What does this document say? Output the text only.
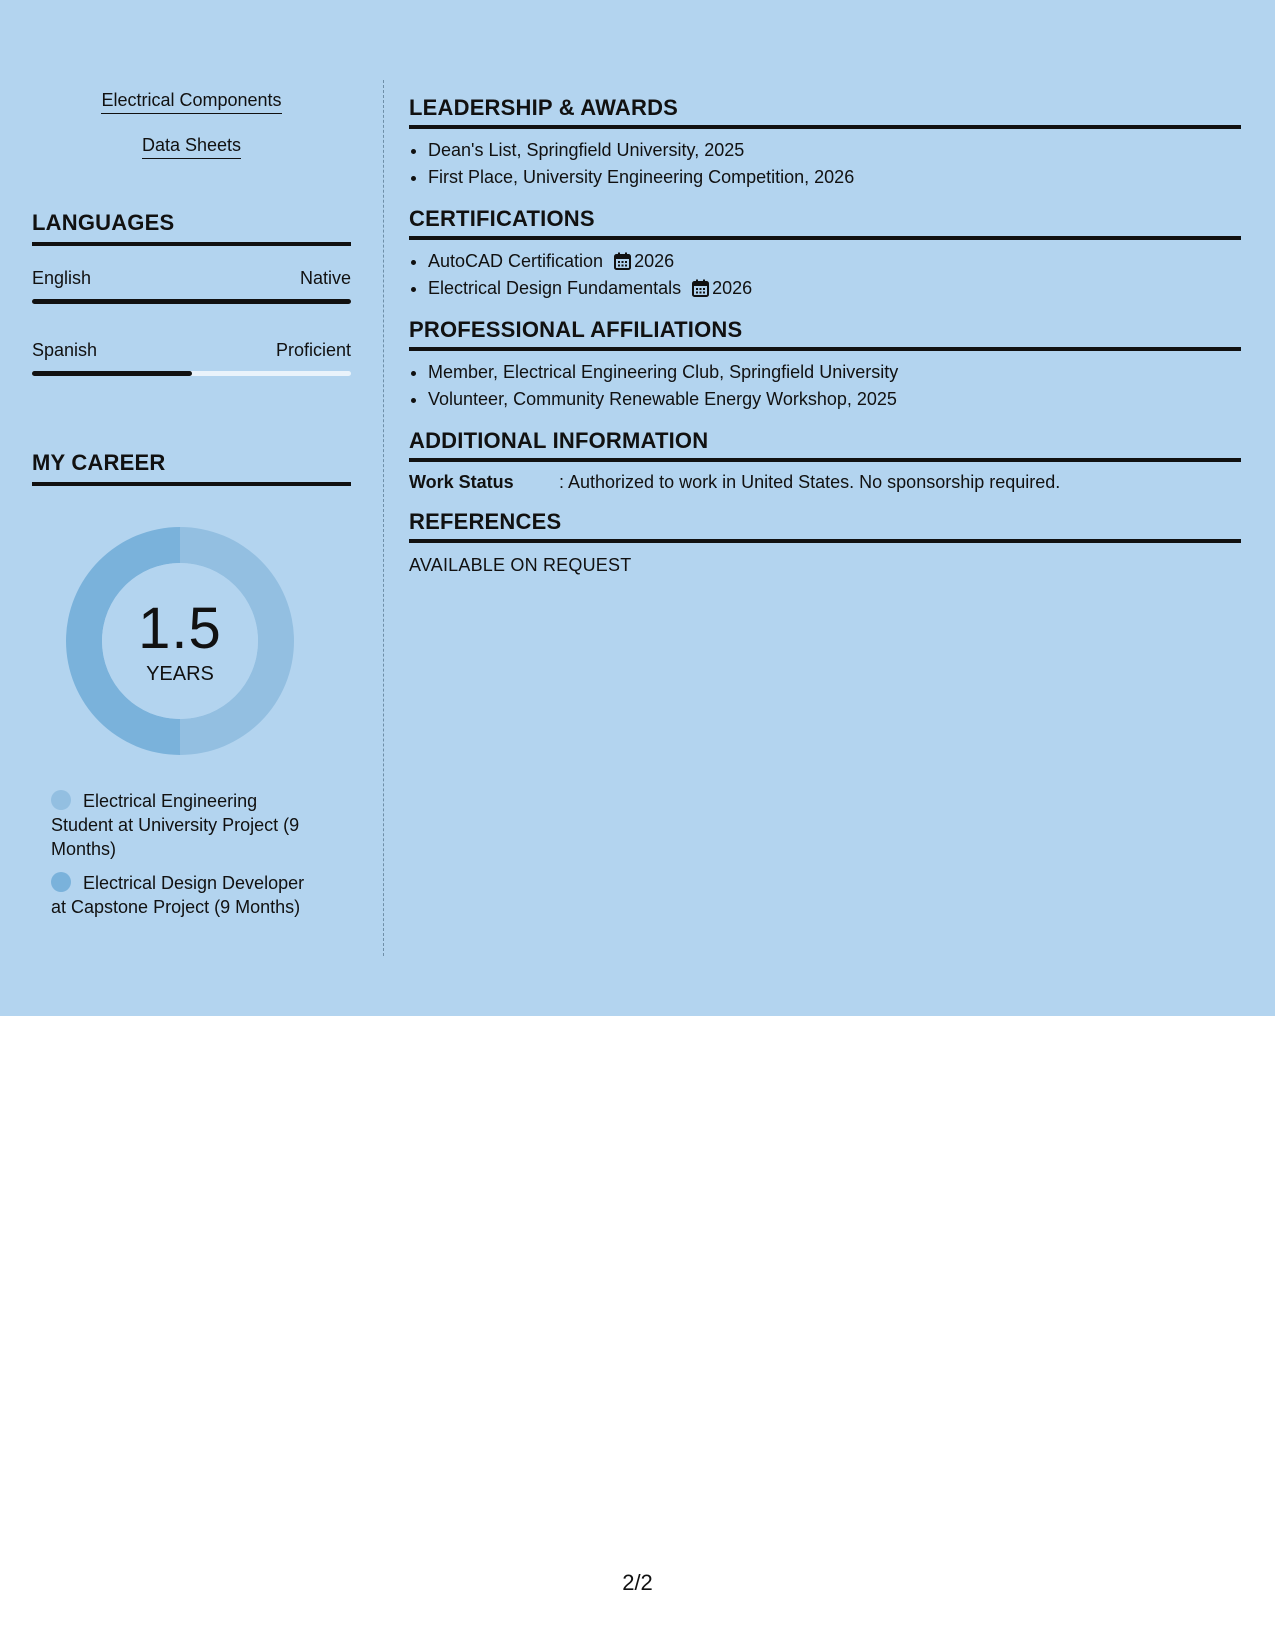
Electrical Components
Data Sheets
LANGUAGES
English	Native
Spanish	Proficient
MY CAREER
1.5
YEARS
Electrical Engineering Student at University Project (9 Months)
Electrical Design Developer at Capstone Project (9 Months)
LEADERSHIP & AWARDS
• Dean's List, Springfield University, 2025
• First Place, University Engineering Competition, 2026
CERTIFICATIONS
• AutoCAD Certification 2026
• Electrical Design Fundamentals 2026
PROFESSIONAL AFFILIATIONS
• Member, Electrical Engineering Club, Springfield University
• Volunteer, Community Renewable Energy Workshop, 2025
ADDITIONAL INFORMATION
Work Status	: Authorized to work in United States. No sponsorship required.
REFERENCES
AVAILABLE ON REQUEST
2/2
